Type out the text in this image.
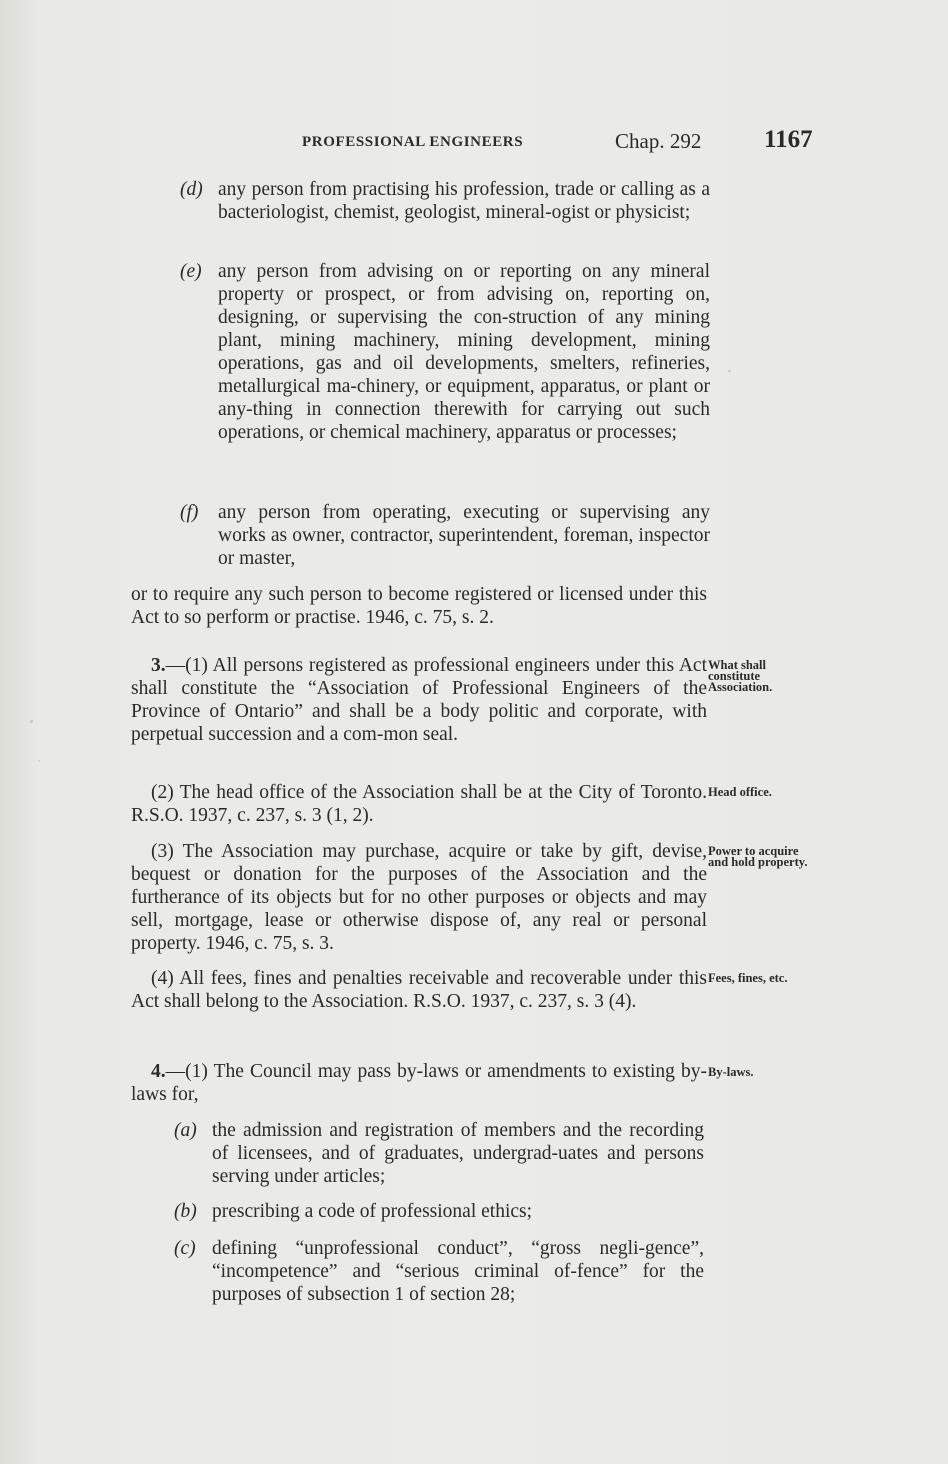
PROFESSIONAL ENGINEERS	Chap. 292	1167
(d) any person from practising his profession, trade or calling as a bacteriologist, chemist, geologist, mineral-ogist or physicist;
(e) any person from advising on or reporting on any mineral property or prospect, or from advising on, reporting on, designing, or supervising the con-struction of any mining plant, mining machinery, mining development, mining operations, gas and oil developments, smelters, refineries, metallurgical ma-chinery, or equipment, apparatus, or plant or any-thing in connection therewith for carrying out such operations, or chemical machinery, apparatus or processes;
(f) any person from operating, executing or supervising any works as owner, contractor, superintendent, foreman, inspector or master,
or to require any such person to become registered or licensed under this Act to so perform or practise. 1946, c. 75, s. 2.
3.—(1) All persons registered as professional engineers under this Act shall constitute the “Association of Professional Engineers of the Province of Ontario” and shall be a body politic and corporate, with perpetual succession and a com-mon seal.
What shall constitute Association.
(2) The head office of the Association shall be at the City of Toronto. R.S.O. 1937, c. 237, s. 3 (1, 2).
Head office.
(3) The Association may purchase, acquire or take by gift, devise, bequest or donation for the purposes of the Association and the furtherance of its objects but for no other purposes or objects and may sell, mortgage, lease or otherwise dispose of, any real or personal property. 1946, c. 75, s. 3.
Power to acquire and hold property.
(4) All fees, fines and penalties receivable and recoverable under this Act shall belong to the Association. R.S.O. 1937, c. 237, s. 3 (4).
Fees, fines, etc.
4.—(1) The Council may pass by-laws or amendments to existing by-laws for,
By-laws.
(a) the admission and registration of members and the recording of licensees, and of graduates, undergrad-uates and persons serving under articles;
(b) prescribing a code of professional ethics;
(c) defining “unprofessional conduct”, “gross negli-gence”, “incompetence” and “serious criminal of-fence” for the purposes of subsection 1 of section 28;
